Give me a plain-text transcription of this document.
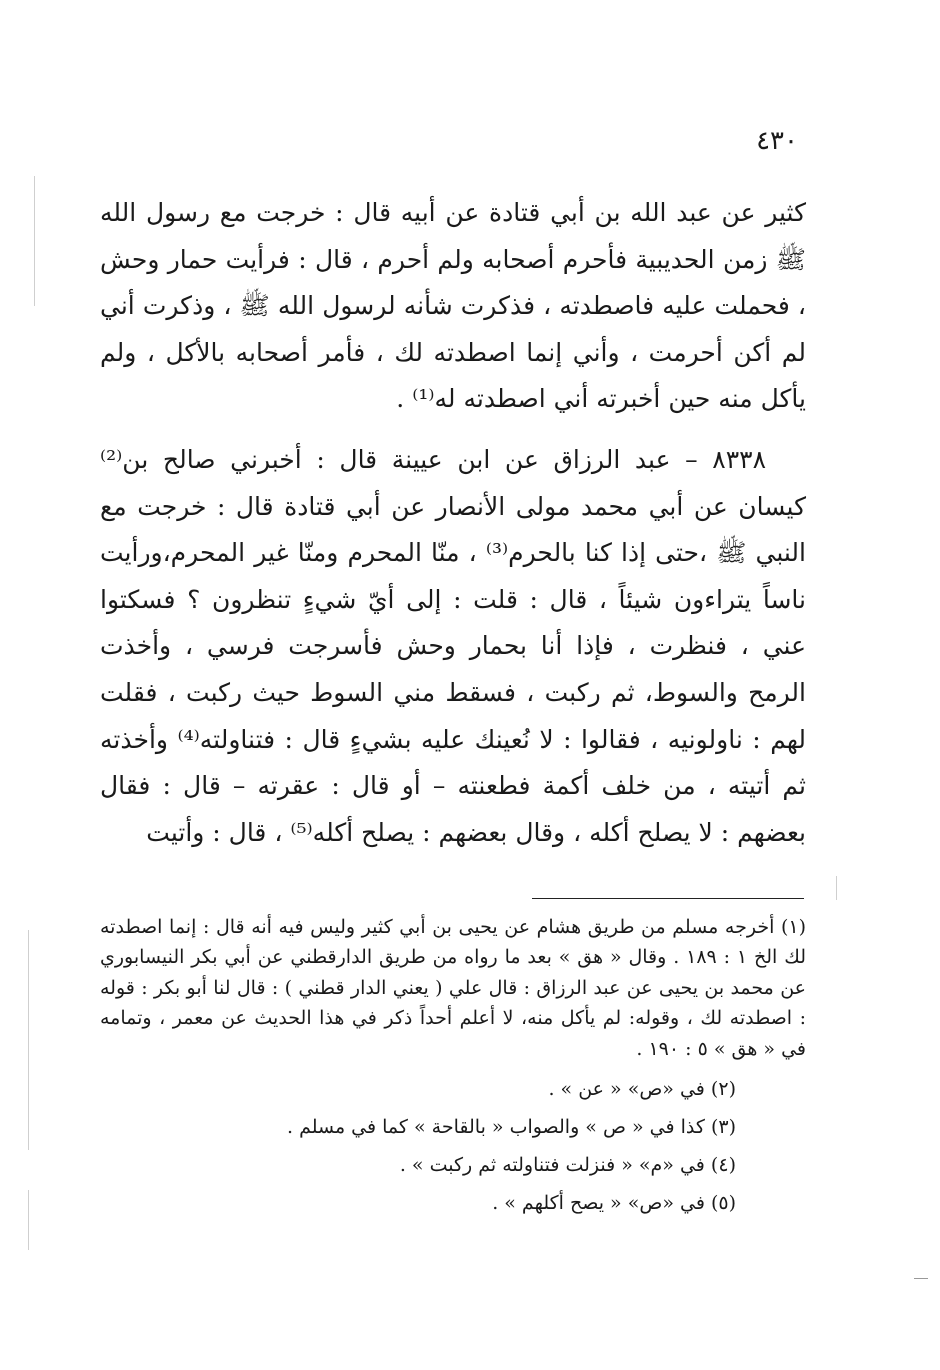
٤٣٠

كثير عن عبد الله بن أبي قتادة عن أبيه قال : خرجت مع رسول الله ﷺ زمن الحديبية فأحرم أصحابه ولم أحرم ، قال : فرأيت حمار وحش ، فحملت عليه فاصطدته ، فذكرت شأنه لرسول الله ﷺ ، وذكرت أني لم أكن أحرمت ، وأني إنما اصطدته لك ، فأمر أصحابه بالأكل ، ولم يأكل منه حين أخبرته أني اصطدته له⁽¹⁾ .

٨٣٣٨ – عبد الرزاق عن ابن عيينة قال : أخبرني صالح بن⁽²⁾ كيسان عن أبي محمد مولى الأنصار عن أبي قتادة قال : خرجت مع النبي ﷺ ،حتى إذا كنا بالحرم⁽³⁾ ، منّا المحرم ومنّا غير المحرم،ورأيت ناساً يتراءون شيئاً ، قال : قلت : إلى أيّ شيءٍ تنظرون ؟ فسكتوا عني ، فنظرت ، فإذا أنا بحمار وحش فأسرجت فرسي ، وأخذت الرمح والسوط، ثم ركبت ، فسقط مني السوط حيث ركبت ، فقلت لهم : ناولونيه ، فقالوا : لا نُعينك عليه بشيءٍ قال : فتناولته⁽⁴⁾ وأخذته ثم أتيته ، من خلف أكمة فطعنته – أو قال : عقرته – قال : فقال بعضهم : لا يصلح أكله ، وقال بعضهم : يصلح أكله⁽⁵⁾ ، قال : وأتيت

(١) أخرجه مسلم من طريق هشام عن يحيى بن أبي كثير وليس فيه أنه قال : إنما اصطدته لك الخ ١ : ١٨٩ . وقال « هق » بعد ما رواه من طريق الدارقطني عن أبي بكر النيسابوري عن محمد بن يحيى عن عبد الرزاق : قال علي ( يعني الدار قطني ) : قال لنا أبو بكر : قوله : اصطدته لك ، وقوله: لم يأكل منه، لا أعلم أحداً ذكر في هذا الحديث عن معمر ، وتمامه في « هق » ٥ : ١٩٠ .

(٢) في «ص» « عن » .

(٣) كذا في « ص » والصواب « بالقاحة » كما في مسلم .

(٤) في «م» « فنزلت فتناولته ثم ركبت » .

(٥) في «ص» « يصح أكلهم » .
